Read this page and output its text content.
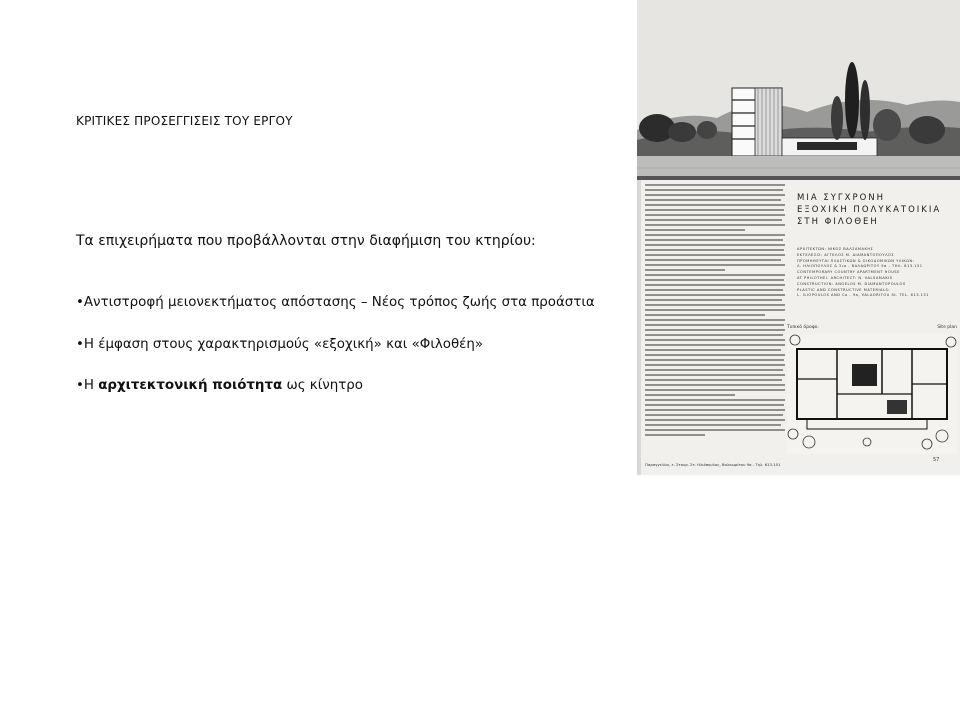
ΚΡΙΤΙΚΕΣ ΠΡΟΣΕΓΓΙΣΕΙΣ ΤΟΥ ΕΡΓΟΥ
Τα επιχειρήματα που προβάλλονται στην διαφήμιση του κτηρίου:
•Αντιστροφή μειονεκτήματος απόστασης – Νέος τρόπος ζωής στα προάστια
•Η έμφαση στους χαρακτηρισμούς «εξοχική» και «Φιλοθέη»
•Η αρχιτεκτονική ποιότητα ως κίνητρο
ΜΙΑ ΣΥΓΧΡΟΝΗ
ΕΞΟΧΙΚΗ ΠΟΛΥΚΑΤΟΙΚΙΑ
ΣΤΗ ΦΙΛΟΘΕΗ
ΑΡΧΙΤΕΚΤΩΝ: ΝΙΚΟΣ ΒΑΛΣΑΜΑΚΗΣ
ΕΚΤΕΛΕΣΙΣ: ΑΓΓΕΛΟΣ Μ. ΔΙΑΜΑΝΤΟΠΟΥΛΟΣ
ΠΡΟΜΗΘΕΥΤΑΙ ΠΛΑΣΤΙΚΩΝ & ΟΙΚΟΔΟΜΙΚΩΝ ΥΛΙΚΩΝ:
Λ. ΗΛΙΟΠΟΥΛΟΣ & Σια - ΒΑΛΑΩΡΙΤΟΥ 9α - ΤΗΛ. 613.151
CONTEMPORARY COUNTRY APARTMENT HOUSE
AT PHILOTHEI. ARCHITECT: N. VALSAMAKIS
CONSTRUCTION: ANGELOS M. DIAMANTOPOULOS
PLASTIC AND CONSTRUCTIVE MATERIALS:
L. ILIOPOULOS AND Co - 9a, VALAORITOU St. TEL. 613.151
Τυπικό όροφο.	Site plan
57
Παραγγελίαι, ε. Στουρ. Στ. Ηλιόπουλος, Βαλαωρίτου 9α - Τηλ. 613.151
